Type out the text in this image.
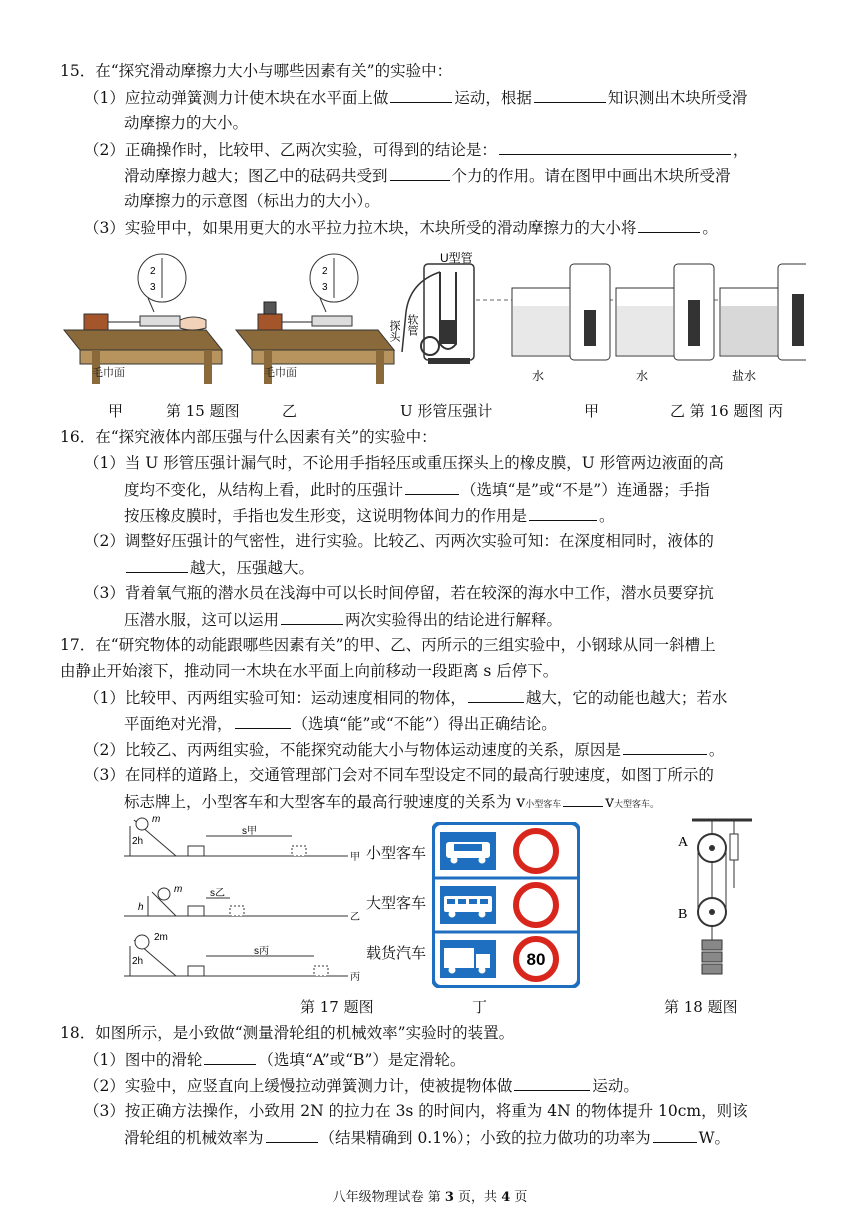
15．在“探究滑动摩擦力大小与哪些因素有关”的实验中：
（1）应拉动弹簧测力计使木块在水平面上做	运动，根据	知识测出木块所受滑
动摩擦力的大小。
（2）正确操作时，比较甲、乙两次实验，可得到的结论是：	，
滑动摩擦力越大；图乙中的砝码共受到	个力的作用。请在图甲中画出木块所受滑
动摩擦力的示意图（标出力的大小）。
（3）实验甲中，如果用更大的水平拉力拉木块，木块所受的滑动摩擦力的大小将	。
2
3
毛巾面
2
3
毛巾面
U型管
软管
探头
水	水	盐水
甲	第 15 题图	乙	U 形管压强计	甲	乙 第 16 题图 丙
16．在“探究液体内部压强与什么因素有关”的实验中：
（1）当 U 形管压强计漏气时，不论用手指轻压或重压探头上的橡皮膜，U 形管两边液面的高
度均不变化，从结构上看，此时的压强计	（选填“是”或“不是”）连通器；手指
按压橡皮膜时，手指也发生形变，这说明物体间力的作用是	。
（2）调整好压强计的气密性，进行实验。比较乙、丙两次实验可知：在深度相同时，液体的
越大，压强越大。
（3）背着氧气瓶的潜水员在浅海中可以长时间停留，若在较深的海水中工作，潜水员要穿抗
压潜水服，这可以运用	两次实验得出的结论进行解释。
17．在“研究物体的动能跟哪些因素有关”的甲、乙、丙所示的三组实验中，小钢球从同一斜槽上
由静止开始滚下，推动同一木块在水平面上向前移动一段距离 s 后停下。
（1）比较甲、丙两组实验可知：运动速度相同的物体，	越大，它的动能也越大；若水
平面绝对光滑，	（选填“能”或“不能”）得出正确结论。
（2）比较乙、丙两组实验，不能探究动能大小与物体运动速度的关系，原因是	。
（3）在同样的道路上，交通管理部门会对不同车型设定不同的最高行驶速度，如图丁所示的
标志牌上，小型客车和大型客车的最高行驶速度的关系为 v小型客车	v大型客车。
m
2h
s甲
甲
m
h
s乙
乙
2m
2h
s丙
丙
小型客车
大型客车
载货汽车	80
A
B
第 17 题图	丁	第 18 题图
18．如图所示，是小致做“测量滑轮组的机械效率”实验时的装置。
（1）图中的滑轮	（选填“A”或“B”）是定滑轮。
（2）实验中，应竖直向上缓慢拉动弹簧测力计，使被提物体做	运动。
（3）按正确方法操作，小致用 2N 的拉力在 3s 的时间内，将重为 4N 的物体提升 10cm，则该
滑轮组的机械效率为	（结果精确到 0.1%）；小致的拉力做功的功率为	W。
八年级物理试卷 第 3 页，共 4 页
